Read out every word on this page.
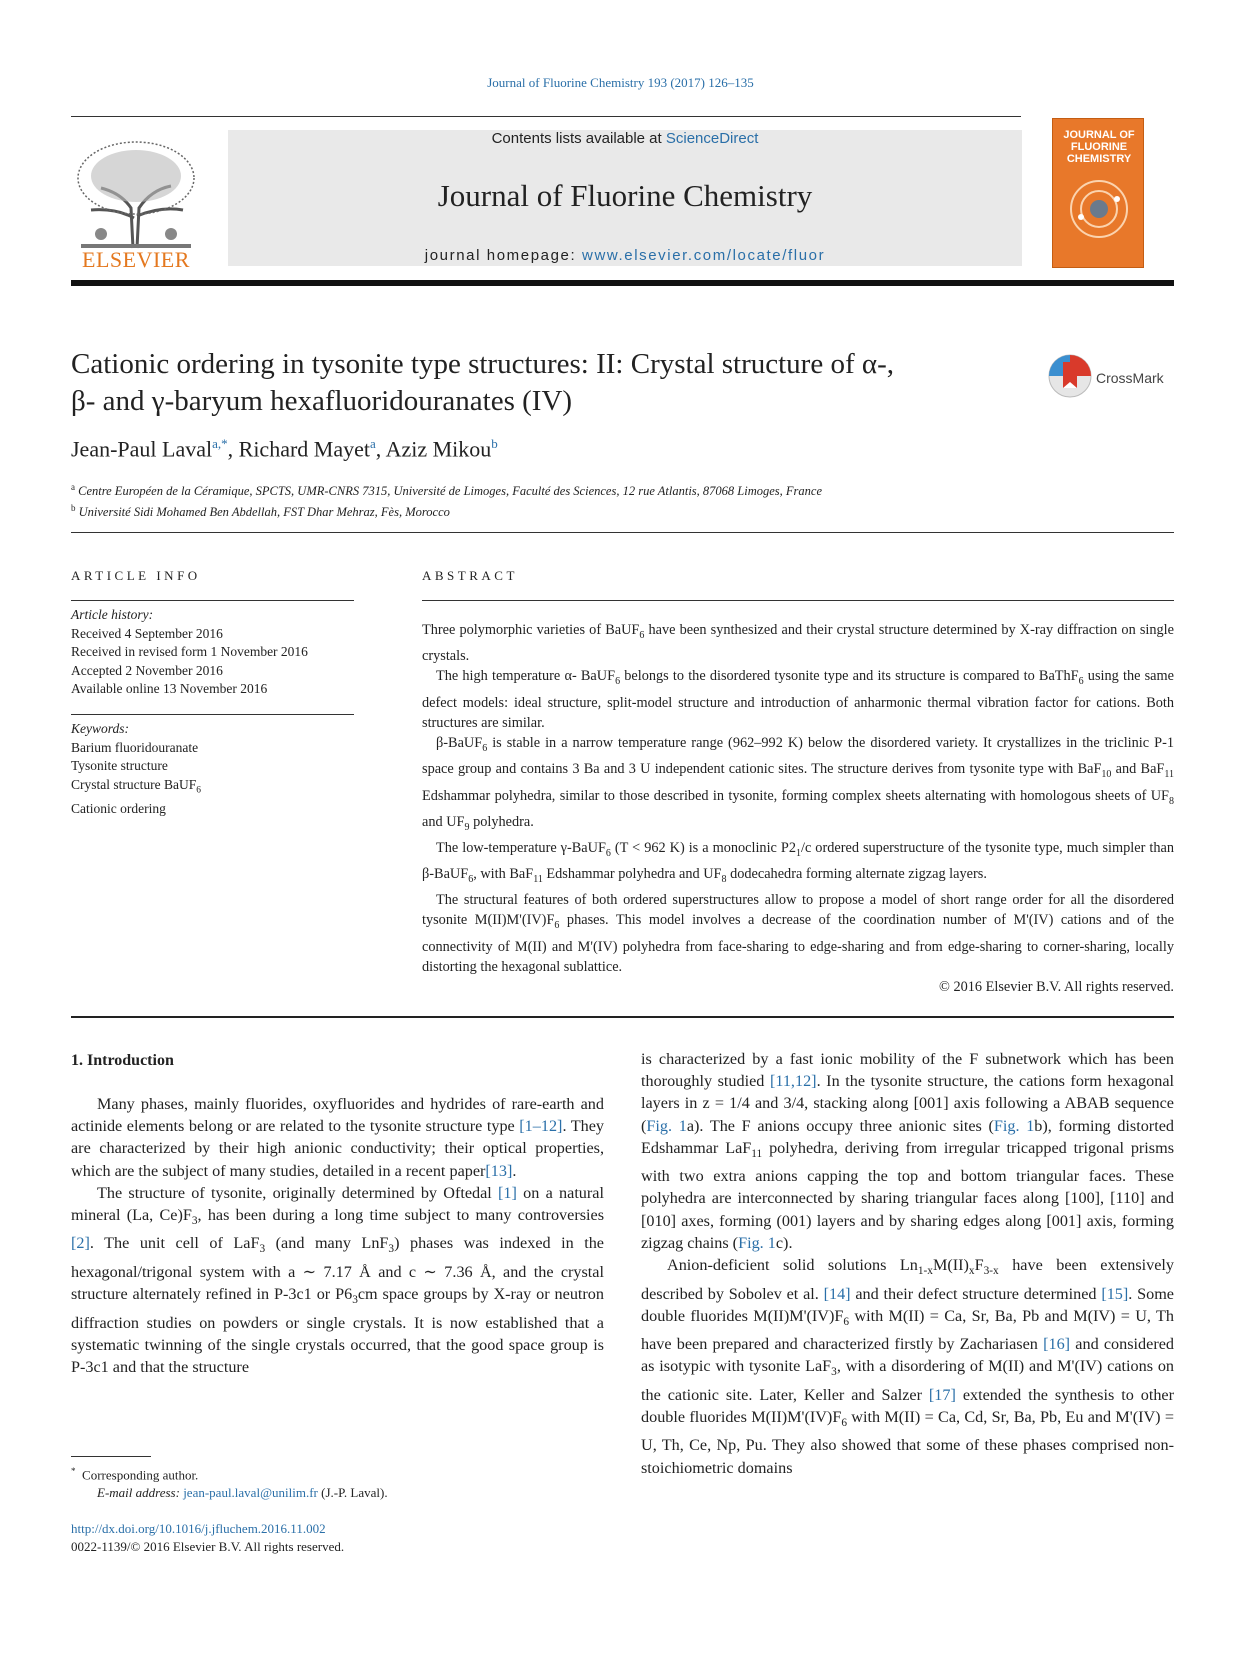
Journal of Fluorine Chemistry 193 (2017) 126–135
ELSEVIER
Contents lists available at ScienceDirect
Journal of Fluorine Chemistry
journal homepage: www.elsevier.com/locate/fluor
JOURNAL OF FLUORINE CHEMISTRY
Cationic ordering in tysonite type structures: II: Crystal structure of α-,
β- and γ-baryum hexafluoridouranates (IV)
CrossMark
Jean-Paul Laval$^{a,*}$, Richard Mayet$^a$, Aziz Mikou$^b$
$^a$ Centre Européen de la Céramique, SPCTS, UMR-CNRS 7315, Université de Limoges, Faculté des Sciences, 12 rue Atlantis, 87068 Limoges, France
$^b$ Université Sidi Mohamed Ben Abdellah, FST Dhar Mehraz, Fès, Morocco
ARTICLE INFO	ABSTRACT
Article history:
Received 4 September 2016
Received in revised form 1 November 2016
Accepted 2 November 2016
Available online 13 November 2016
Keywords:
Barium fluoridouranate
Tysonite structure
Crystal structure BaUF$_6$
Cationic ordering

Three polymorphic varieties of BaUF$_6$ have been synthesized and their crystal structure determined by X-ray diffraction on single crystals.

The high temperature α- BaUF$_6$ belongs to the disordered tysonite type and its structure is compared to BaThF$_6$ using the same defect models: ideal structure, split-model structure and introduction of anharmonic thermal vibration factor for cations. Both structures are similar.

β-BaUF$_6$ is stable in a narrow temperature range (962–992 K) below the disordered variety. It crystallizes in the triclinic P-1 space group and contains 3 Ba and 3 U independent cationic sites. The structure derives from tysonite type with BaF$_{10}$ and BaF$_{11}$ Edshammar polyhedra, similar to those described in tysonite, forming complex sheets alternating with homologous sheets of $UF_8$ and $UF_9$ polyhedra.

The low-temperature γ-BaUF$_6$ (T < 962 K) is a monoclinic $P2_1/c$ ordered superstructure of the tysonite type, much simpler than β-BaUF$_6$, with BaF$_{11}$ Edshammar polyhedra and $UF_8$ dodecahedra forming alternate zigzag layers.

The structural features of both ordered superstructures allow to propose a model of short range order for all the disordered tysonite $M(II)M'(IV)F_6$ phases. This model involves a decrease of the coordination number of M'(IV) cations and of the connectivity of M(II) and M'(IV) polyhedra from face-sharing to edge-sharing and from edge-sharing to corner-sharing, locally distorting the hexagonal sublattice.

© 2016 Elsevier B.V. All rights reserved.
1. Introduction

Many phases, mainly fluorides, oxyfluorides and hydrides of rare-earth and actinide elements belong or are related to the tysonite structure type [1–12]. They are characterized by their high anionic conductivity; their optical properties, which are the subject of many studies, detailed in a recent paper[13].

The structure of tysonite, originally determined by Oftedal [1] on a natural mineral (La, $Ce)F_3$, has been during a long time subject to many controversies [2]. The unit cell of LaF$_3$ (and many LnF$_3$) phases was indexed in the hexagonal/trigonal system with a ∼ 7.17 Å and c ∼ 7.36 Å, and the crystal structure alternately refined in P-3c1 or $P6_3cm$ space groups by X-ray or neutron diffraction studies on powders or single crystals. It is now established that a systematic twinning of the single crystals occurred, that the good space group is P-3c1 and that the structure

is characterized by a fast ionic mobility of the F subnetwork which has been thoroughly studied [11,12]. In the tysonite structure, the cations form hexagonal layers in z = 1/4 and 3/4, stacking along [001] axis following a ABAB sequence (Fig. 1a). The F anions occupy three anionic sites (Fig. 1b), forming distorted Edshammar LaF$_{11}$ polyhedra, deriving from irregular tricapped trigonal prisms with two extra anions capping the top and bottom triangular faces. These polyhedra are interconnected by sharing triangular faces along [100], [110] and [010] axes, forming (001) layers and by sharing edges along [001] axis, forming zigzag chains (Fig. 1c).

Anion-deficient solid solutions $Ln_{1-x}M(II)_xF_{3-x}$ have been extensively described by Sobolev et al. [14] and their defect structure determined [15]. Some double fluorides $M(II)M'(IV)F_6$ with M(II) = Ca, Sr, Ba, Pb and M(IV) = U, Th have been prepared and characterized firstly by Zachariasen [16] and considered as isotypic with tysonite LaF$_3$, with a disordering of M(II) and M'(IV) cations on the cationic site. Later, Keller and Salzer [17] extended the synthesis to other double fluorides $M(II)M'(IV)F_6$ with M(II) = Ca, Cd, Sr, Ba, Pb, Eu and M'(IV) = U, Th, Ce, Np, Pu. They also showed that some of these phases comprised non-stoichiometric domains

* Corresponding author.
E-mail address: jean-paul.laval@unilim.fr (J.-P. Laval).
http://dx.doi.org/10.1016/j.jfluchem.2016.11.002
0022-1139/© 2016 Elsevier B.V. All rights reserved.
